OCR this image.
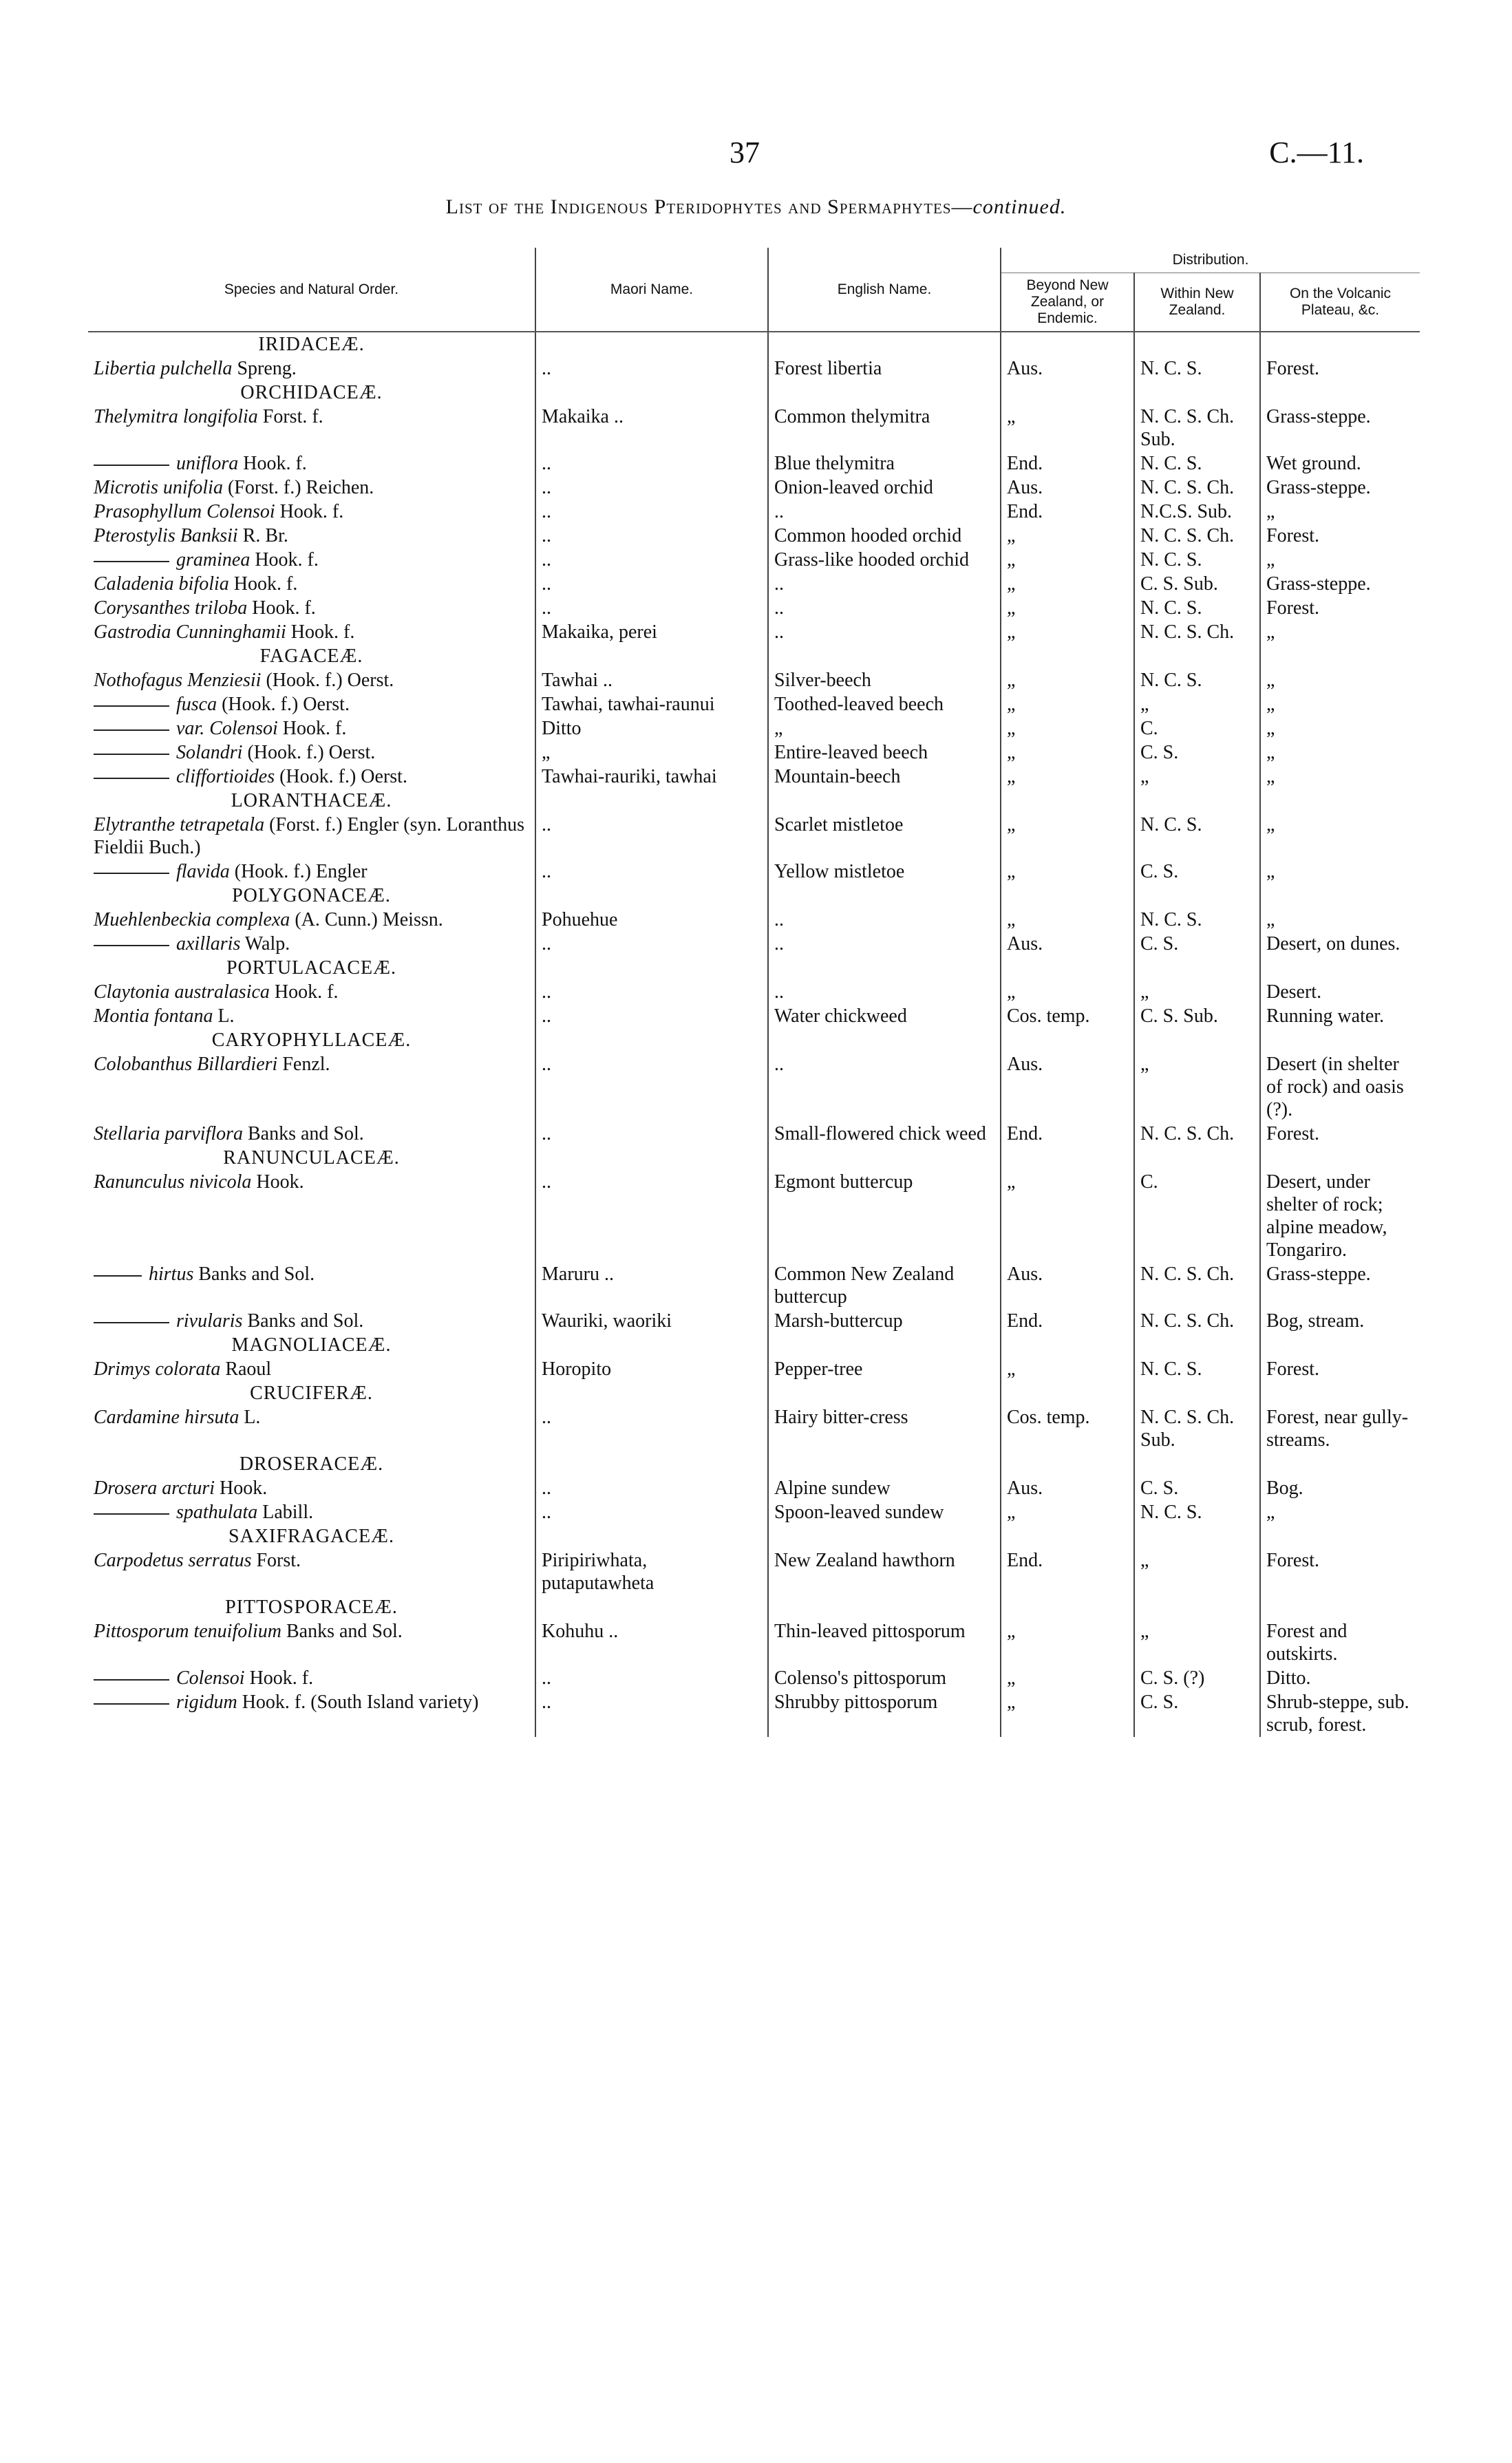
37	C.—11.
List of the Indigenous Pteridophytes and Spermaphytes—continued.
Species and Natural Order.	Maori Name.	English Name.	Distribution.		
			Beyond New Zealand, or Endemic.	Within New Zealand.	On the Volcanic Plateau, &c.
IRIDACEÆ.					
Libertia pulchella Spreng.	..	Forest libertia	Aus.	N. C. S.	Forest.
ORCHIDACEÆ.					
Thelymitra longifolia Forst. f.	Makaika ..	Common thelymitra	„	N. C. S. Ch. Sub.	Grass-steppe.
uniflora Hook. f.	..	Blue thelymitra	End.	N. C. S.	Wet ground.
Microtis unifolia (Forst. f.) Reichen.	..	Onion-leaved orchid	Aus.	N. C. S. Ch.	Grass-steppe.
Prasophyllum Colensoi Hook. f.	..	..	End.	N.C.S. Sub.	„
Pterostylis Banksii R. Br.	..	Common hooded orchid	„	N. C. S. Ch.	Forest.
graminea Hook. f.	..	Grass-like hooded orchid	„	N. C. S.	„
Caladenia bifolia Hook. f.	..	..	„	C. S. Sub.	Grass-steppe.
Corysanthes triloba Hook. f.	..	..	„	N. C. S.	Forest.
Gastrodia Cunninghamii Hook. f.	Makaika, perei	..	„	N. C. S. Ch.	„
FAGACEÆ.					
Nothofagus Menziesii (Hook. f.) Oerst.	Tawhai ..	Silver-beech	„	N. C. S.	„
fusca (Hook. f.) Oerst.	Tawhai, tawhai-raunui	Toothed-leaved beech	„	„	„
var. Colensoi Hook. f.	Ditto	„	„	C.	„
Solandri (Hook. f.) Oerst.	„	Entire-leaved beech	„	C. S.	„
cliffortioides (Hook. f.) Oerst.	Tawhai-rauriki, tawhai	Mountain-beech	„	„	„
LORANTHACEÆ.					
Elytranthe tetrapetala (Forst. f.) Engler (syn. Loranthus Fieldii Buch.)	..	Scarlet mistletoe	„	N. C. S.	„
flavida (Hook. f.) Engler	..	Yellow mistletoe	„	C. S.	„
POLYGONACEÆ.					
Muehlenbeckia complexa (A. Cunn.) Meissn.	Pohuehue	..	„	N. C. S.	„
axillaris Walp.	..	..	Aus.	C. S.	Desert, on dunes.
PORTULACACEÆ.					
Claytonia australasica Hook. f.	..	..	„	„	Desert.
Montia fontana L.	..	Water chickweed	Cos. temp.	C. S. Sub.	Running water.
CARYOPHYLLACEÆ.					
Colobanthus Billardieri Fenzl.	..	..	Aus.	„	Desert (in shelter of rock) and oasis (?).
Stellaria parviflora Banks and Sol.	..	Small-flowered chick weed	End.	N. C. S. Ch.	Forest.
RANUNCULACEÆ.					
Ranunculus nivicola Hook.	..	Egmont buttercup	„	C.	Desert, under shelter of rock; alpine meadow, Tongariro.
hirtus Banks and Sol.	Maruru ..	Common New Zealand buttercup	Aus.	N. C. S. Ch.	Grass-steppe.
rivularis Banks and Sol.	Wauriki, waoriki	Marsh-buttercup	End.	N. C. S. Ch.	Bog, stream.
MAGNOLIACEÆ.					
Drimys colorata Raoul	Horopito	Pepper-tree	„	N. C. S.	Forest.
CRUCIFERÆ.					
Cardamine hirsuta L.	..	Hairy bitter-cress	Cos. temp.	N. C. S. Ch. Sub.	Forest, near gully-streams.
DROSERACEÆ.					
Drosera arcturi Hook.	..	Alpine sundew	Aus.	C. S.	Bog.
spathulata Labill.	..	Spoon-leaved sundew	„	N. C. S.	„
SAXIFRAGACEÆ.					
Carpodetus serratus Forst.	Piripiriwhata, putaputawheta	New Zealand hawthorn	End.	„	Forest.
PITTOSPORACEÆ.					
Pittosporum tenuifolium Banks and Sol.	Kohuhu ..	Thin-leaved pittosporum	„	„	Forest and outskirts.
Colensoi Hook. f.	..	Colenso's pittosporum	„	C. S. (?)	Ditto.
rigidum Hook. f. (South Island variety)	..	Shrubby pittosporum	„	C. S.	Shrub-steppe, sub. scrub, forest.
